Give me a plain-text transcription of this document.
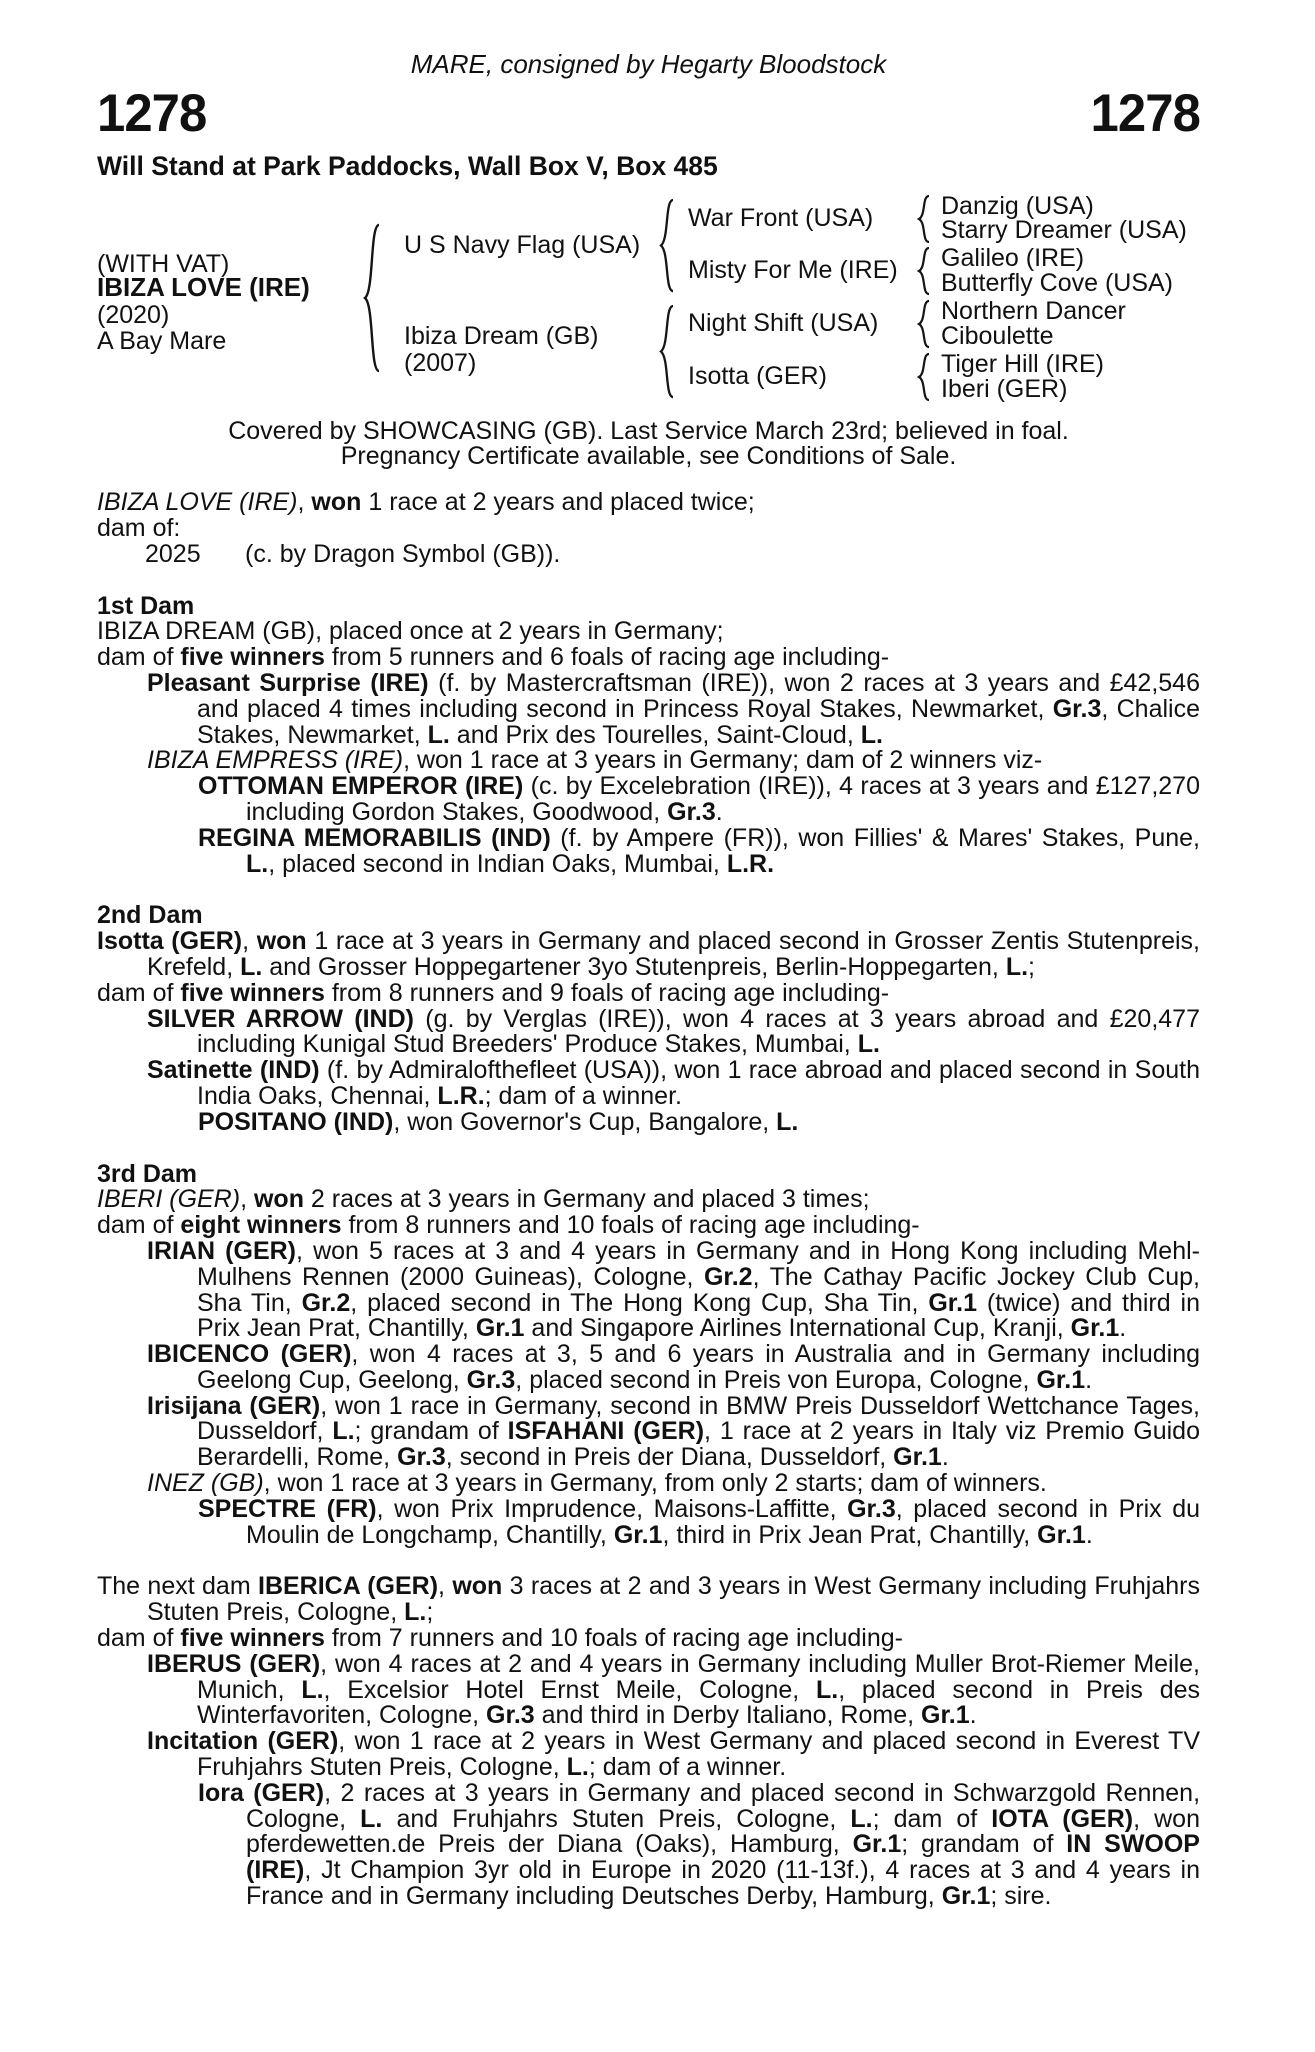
MARE, consigned by Hegarty Bloodstock
1278	1278
Will Stand at Park Paddocks, Wall Box V, Box 485
(WITH VAT)
IBIZA LOVE (IRE)
(2020)
A Bay Mare
U S Navy Flag (USA)
Ibiza Dream (GB)
(2007)
War Front (USA)
Misty For Me (IRE)
Night Shift (USA)
Isotta (GER)
Danzig (USA)
Starry Dreamer (USA)
Galileo (IRE)
Butterfly Cove (USA)
Northern Dancer
Ciboulette
Tiger Hill (IRE)
Iberi (GER)

Covered by SHOWCASING (GB). Last Service March 23rd; believed in foal.

Pregnancy Certificate available, see Conditions of Sale.

IBIZA LOVE (IRE), won 1 race at 2 years and placed twice;

dam of:

2025 (c. by Dragon Symbol (GB)).

1st Dam

IBIZA DREAM (GB), placed once at 2 years in Germany;

dam of five winners from 5 runners and 6 foals of racing age including-

Pleasant Surprise (IRE) (f. by Mastercraftsman (IRE)), won 2 races at 3 years and £42,546 and placed 4 times including second in Princess Royal Stakes, Newmarket, Gr.3, Chalice Stakes, Newmarket, L. and Prix des Tourelles, Saint-Cloud, L.

IBIZA EMPRESS (IRE), won 1 race at 3 years in Germany; dam of 2 winners viz-

OTTOMAN EMPEROR (IRE) (c. by Excelebration (IRE)), 4 races at 3 years and £127,270 including Gordon Stakes, Goodwood, Gr.3.

REGINA MEMORABILIS (IND) (f. by Ampere (FR)), won Fillies' & Mares' Stakes, Pune, L., placed second in Indian Oaks, Mumbai, L.R.

2nd Dam

Isotta (GER), won 1 race at 3 years in Germany and placed second in Grosser Zentis Stutenpreis, Krefeld, L. and Grosser Hoppegartener 3yo Stutenpreis, Berlin-Hoppegarten, L.;

dam of five winners from 8 runners and 9 foals of racing age including-

SILVER ARROW (IND) (g. by Verglas (IRE)), won 4 races at 3 years abroad and £20,477 including Kunigal Stud Breeders' Produce Stakes, Mumbai, L.

Satinette (IND) (f. by Admiralofthefleet (USA)), won 1 race abroad and placed second in South India Oaks, Chennai, L.R.; dam of a winner.

POSITANO (IND), won Governor's Cup, Bangalore, L.

3rd Dam

IBERI (GER), won 2 races at 3 years in Germany and placed 3 times;

dam of eight winners from 8 runners and 10 foals of racing age including-

IRIAN (GER), won 5 races at 3 and 4 years in Germany and in Hong Kong including Mehl-Mulhens Rennen (2000 Guineas), Cologne, Gr.2, The Cathay Pacific Jockey Club Cup, Sha Tin, Gr.2, placed second in The Hong Kong Cup, Sha Tin, Gr.1 (twice) and third in Prix Jean Prat, Chantilly, Gr.1 and Singapore Airlines International Cup, Kranji, Gr.1.

IBICENCO (GER), won 4 races at 3, 5 and 6 years in Australia and in Germany including Geelong Cup, Geelong, Gr.3, placed second in Preis von Europa, Cologne, Gr.1.

Irisijana (GER), won 1 race in Germany, second in BMW Preis Dusseldorf Wettchance Tages, Dusseldorf, L.; grandam of ISFAHANI (GER), 1 race at 2 years in Italy viz Premio Guido Berardelli, Rome, Gr.3, second in Preis der Diana, Dusseldorf, Gr.1.

INEZ (GB), won 1 race at 3 years in Germany, from only 2 starts; dam of winners.

SPECTRE (FR), won Prix Imprudence, Maisons-Laffitte, Gr.3, placed second in Prix du Moulin de Longchamp, Chantilly, Gr.1, third in Prix Jean Prat, Chantilly, Gr.1.

The next dam IBERICA (GER), won 3 races at 2 and 3 years in West Germany including Fruhjahrs Stuten Preis, Cologne, L.;

dam of five winners from 7 runners and 10 foals of racing age including-

IBERUS (GER), won 4 races at 2 and 4 years in Germany including Muller Brot-Riemer Meile, Munich, L., Excelsior Hotel Ernst Meile, Cologne, L., placed second in Preis des Winterfavoriten, Cologne, Gr.3 and third in Derby Italiano, Rome, Gr.1.

Incitation (GER), won 1 race at 2 years in West Germany and placed second in Everest TV Fruhjahrs Stuten Preis, Cologne, L.; dam of a winner.

Iora (GER), 2 races at 3 years in Germany and placed second in Schwarzgold Rennen, Cologne, L. and Fruhjahrs Stuten Preis, Cologne, L.; dam of IOTA (GER), won pferdewetten.de Preis der Diana (Oaks), Hamburg, Gr.1; grandam of IN SWOOP (IRE), Jt Champion 3yr old in Europe in 2020 (11-13f.), 4 races at 3 and 4 years in France and in Germany including Deutsches Derby, Hamburg, Gr.1; sire.
